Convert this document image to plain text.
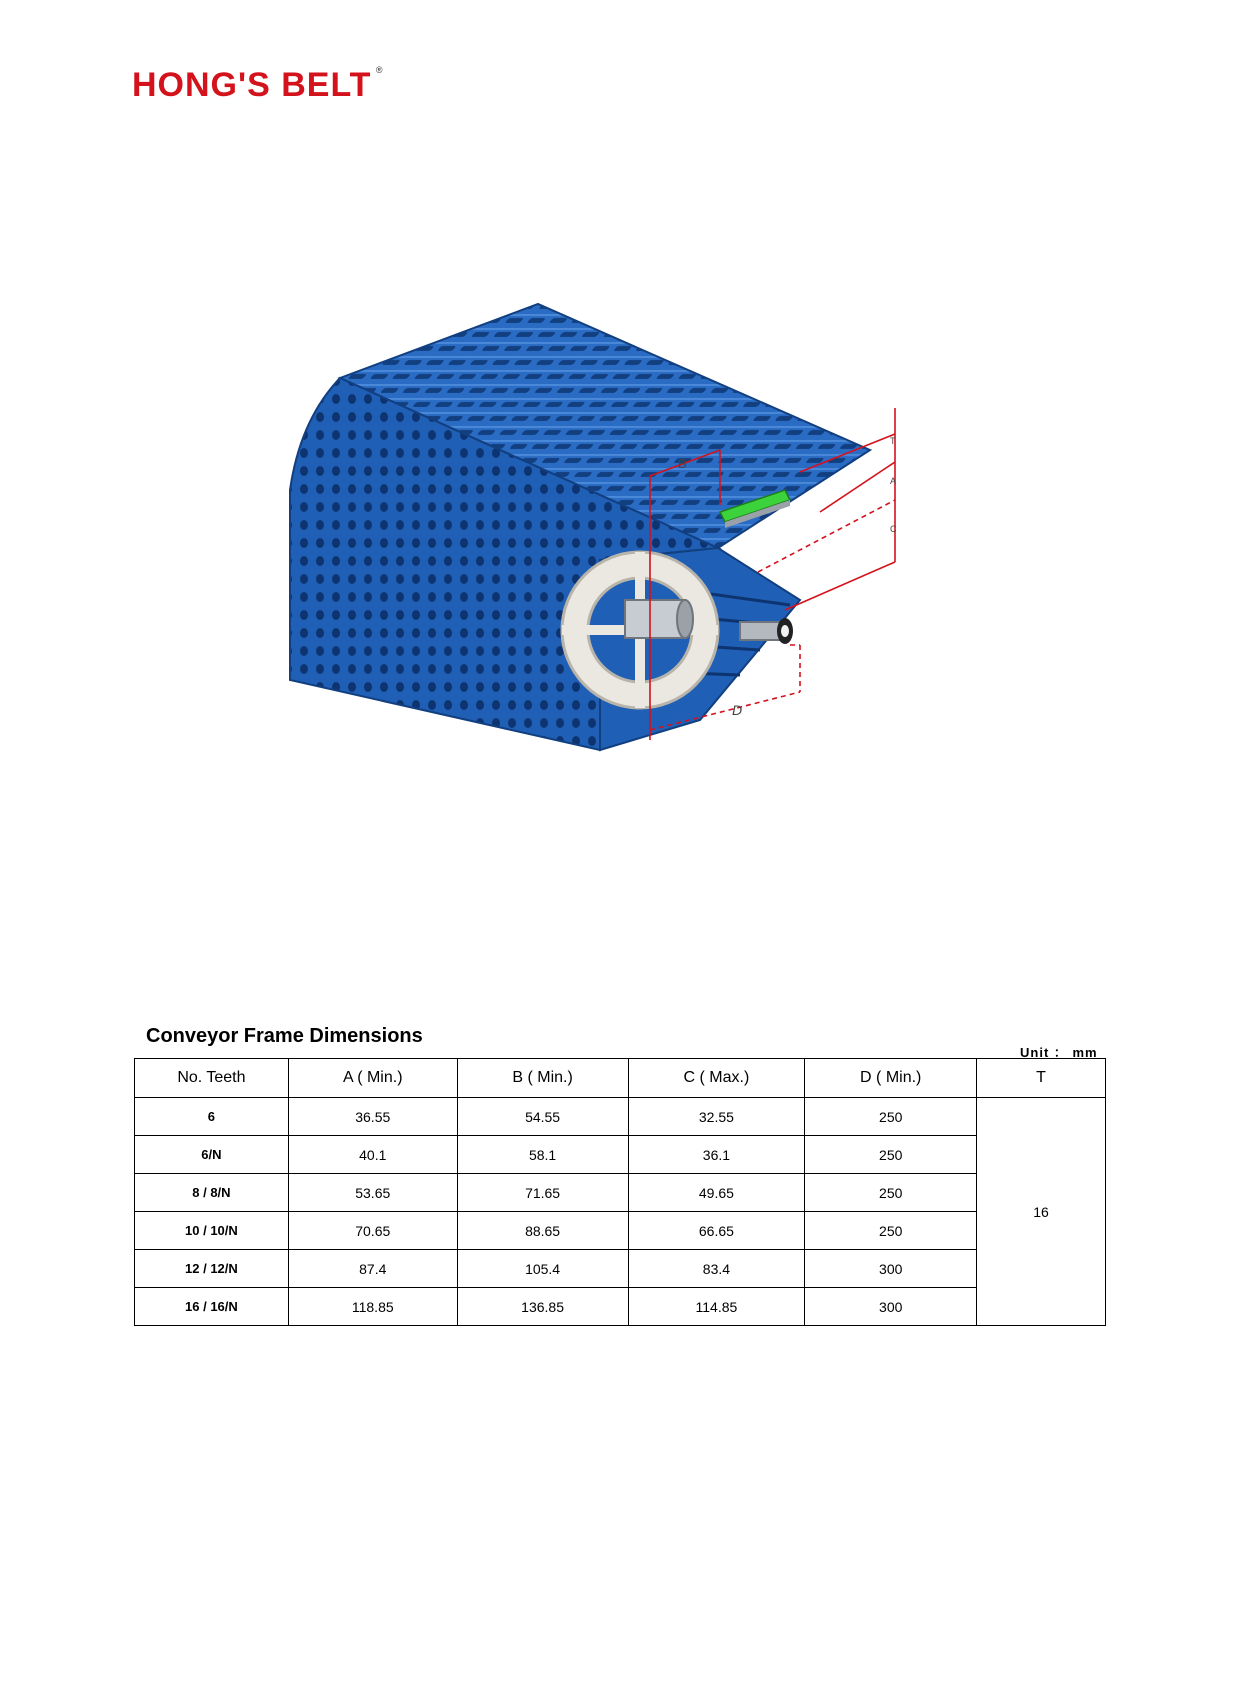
HONG'S BELT ®
B
T
A
C
D
Conveyor Frame Dimensions
Unit ： mm
No. Teeth	A ( Min.)	B ( Min.)	C ( Max.)	D ( Min.)	T
6	36.55	54.55	32.55	250	16
6/N	40.1	58.1	36.1	250	
8 / 8/N	53.65	71.65	49.65	250	
10 / 10/N	70.65	88.65	66.65	250	
12 / 12/N	87.4	105.4	83.4	300	
16 / 16/N	118.85	136.85	114.85	300	
